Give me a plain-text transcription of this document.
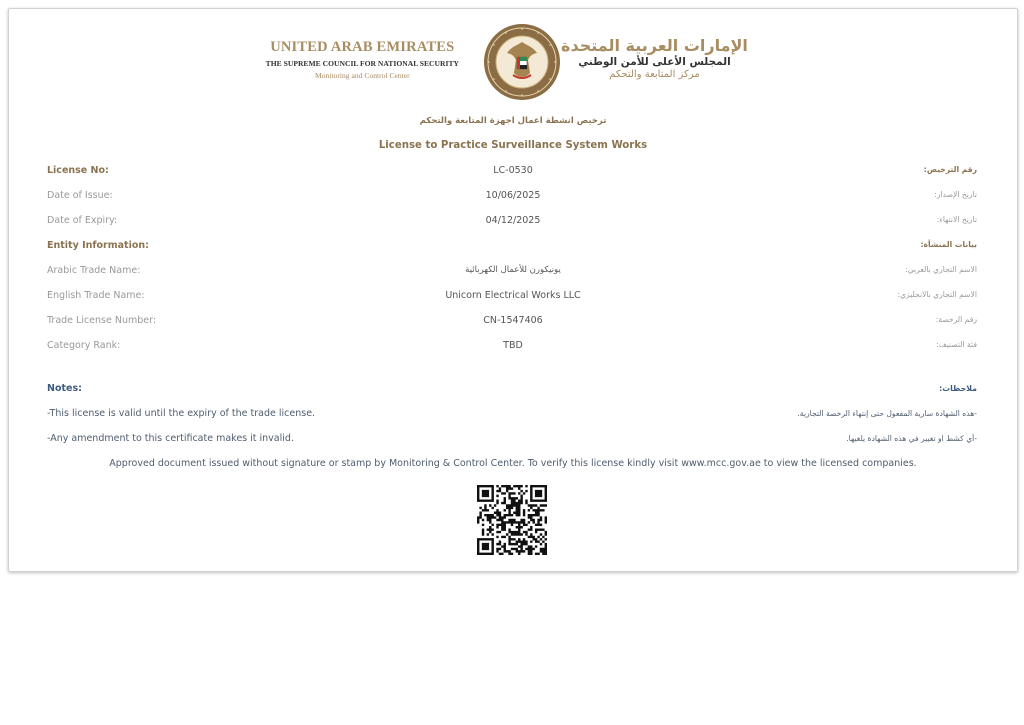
UNITED ARAB EMIRATES
THE SUPREME COUNCIL FOR NATIONAL SECURITY
Monitoring and Control Center
الإمارات العربية المتحدة
المجلس الأعلى للأمن الوطني
مركز المتابعة والتحكم
ترخيص انشطة اعمال اجهزة المتابعة والتحكم
License to Practice Surveillance System Works
License No:	LC-0530	رقم الترخيص:
Date of Issue:	10/06/2025	تاريخ الإصدار:
Date of Expiry:	04/12/2025	تاريخ الانتهاء:
Entity Information:	بيانات المنشأة:
Arabic Trade Name:	يونيكورن للأعمال الكهربائية	الاسم التجاري بالعربي:
English Trade Name:	Unicorn Electrical Works LLC	الاسم التجاري بالانجليزي:
Trade License Number:	CN-1547406	رقم الرخصة:
Category Rank:	TBD	فئة التصنيف:
Notes:	ملاحظات:
-This license is valid until the expiry of the trade license.	-هذه الشهادة سارية المفعول حتى إنتهاء الرخصة التجارية.
-Any amendment to this certificate makes it invalid.	-أي كشط او تغيير في هذه الشهادة يلغيها.
Approved document issued without signature or stamp by Monitoring & Control Center. To verify this license kindly visit www.mcc.gov.ae to view the licensed companies.
